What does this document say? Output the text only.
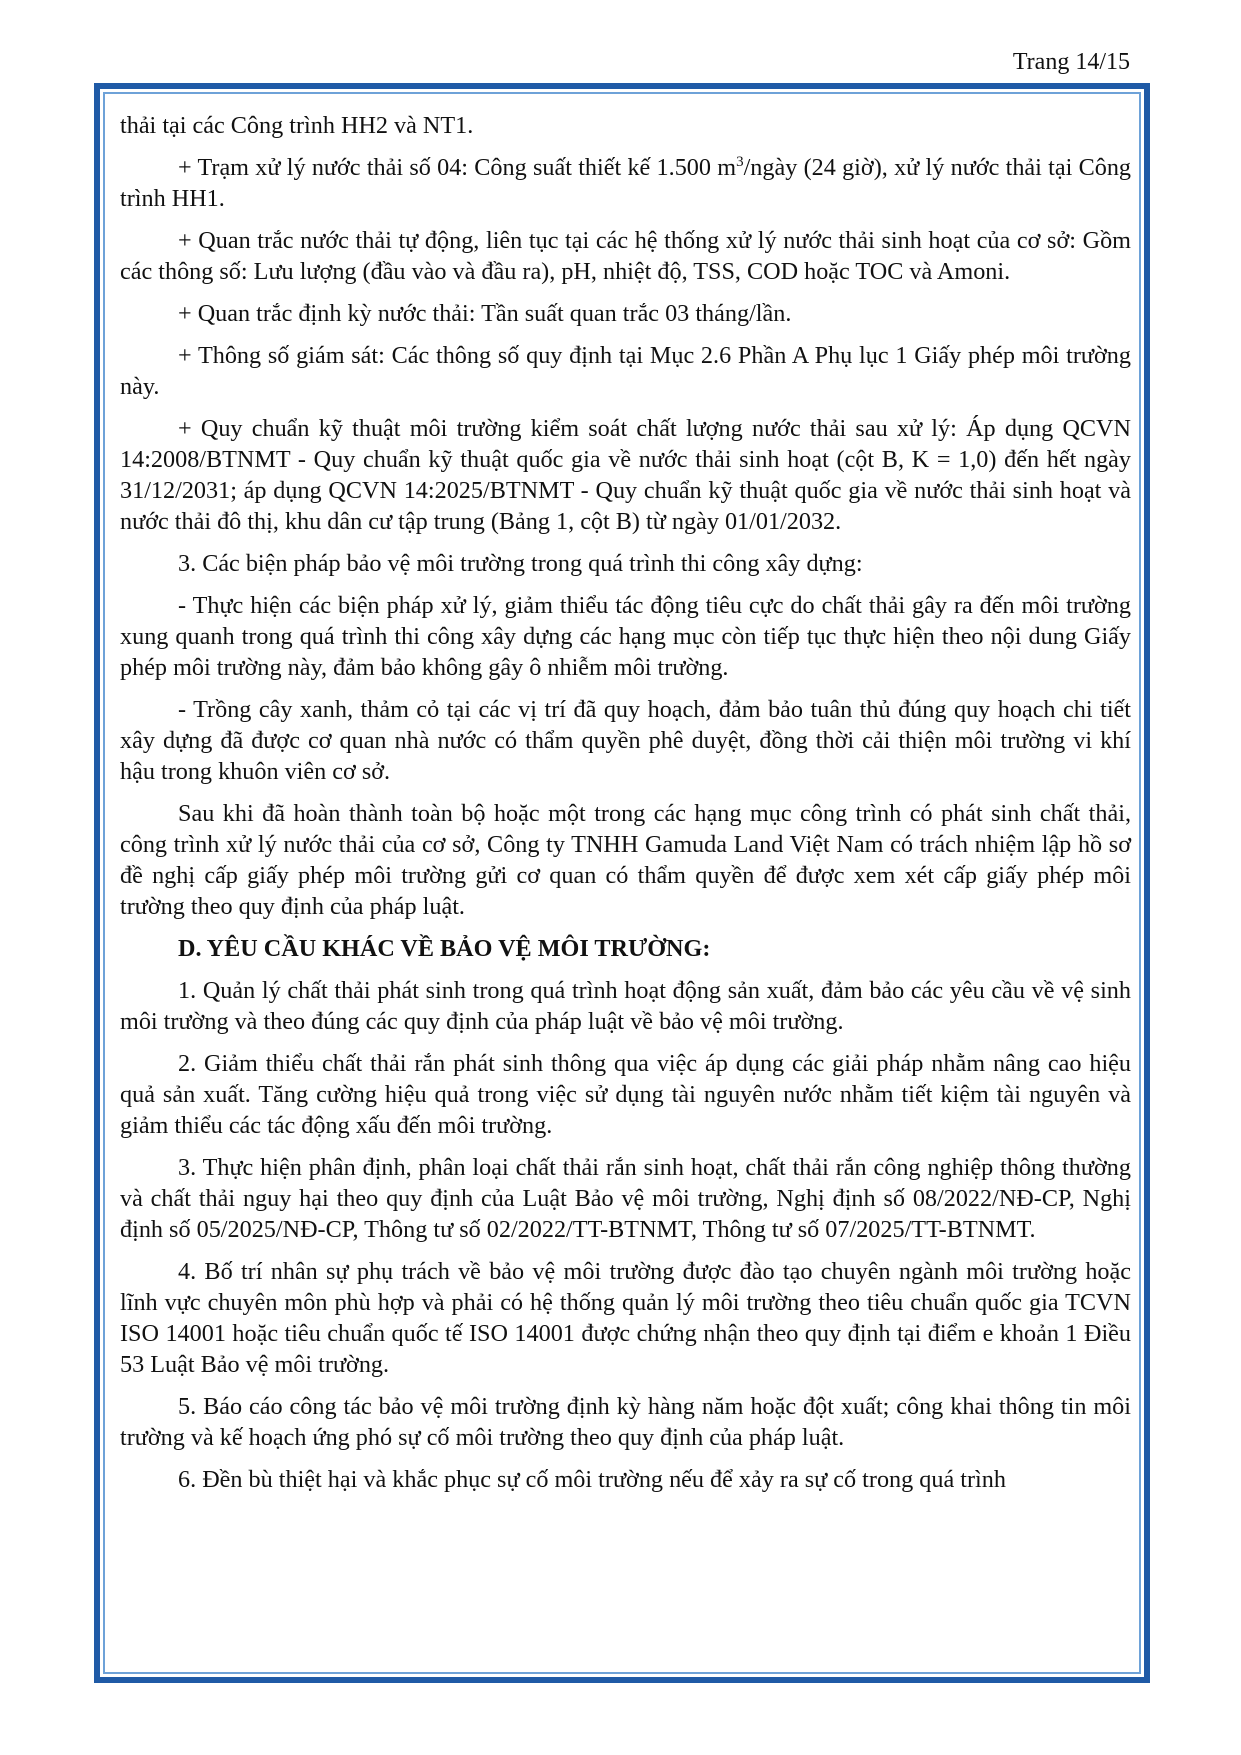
Trang 14/15

thải tại các Công trình HH2 và NT1.

+ Trạm xử lý nước thải số 04: Công suất thiết kế 1.500 $m^3$/ngày (24 giờ), xử lý nước thải tại Công trình HH1.

+ Quan trắc nước thải tự động, liên tục tại các hệ thống xử lý nước thải sinh hoạt của cơ sở: Gồm các thông số: Lưu lượng (đầu vào và đầu ra), pH, nhiệt độ, TSS, COD hoặc TOC và Amoni.

+ Quan trắc định kỳ nước thải: Tần suất quan trắc 03 tháng/lần.

+ Thông số giám sát: Các thông số quy định tại Mục 2.6 Phần A Phụ lục 1 Giấy phép môi trường này.

+ Quy chuẩn kỹ thuật môi trường kiểm soát chất lượng nước thải sau xử lý: Áp dụng QCVN 14:2008/BTNMT - Quy chuẩn kỹ thuật quốc gia về nước thải sinh hoạt (cột B, K = 1,0) đến hết ngày 31/12/2031; áp dụng QCVN 14:2025/BTNMT - Quy chuẩn kỹ thuật quốc gia về nước thải sinh hoạt và nước thải đô thị, khu dân cư tập trung (Bảng 1, cột B) từ ngày 01/01/2032.

3. Các biện pháp bảo vệ môi trường trong quá trình thi công xây dựng:

- Thực hiện các biện pháp xử lý, giảm thiểu tác động tiêu cực do chất thải gây ra đến môi trường xung quanh trong quá trình thi công xây dựng các hạng mục còn tiếp tục thực hiện theo nội dung Giấy phép môi trường này, đảm bảo không gây ô nhiễm môi trường.

- Trồng cây xanh, thảm cỏ tại các vị trí đã quy hoạch, đảm bảo tuân thủ đúng quy hoạch chi tiết xây dựng đã được cơ quan nhà nước có thẩm quyền phê duyệt, đồng thời cải thiện môi trường vi khí hậu trong khuôn viên cơ sở.

Sau khi đã hoàn thành toàn bộ hoặc một trong các hạng mục công trình có phát sinh chất thải, công trình xử lý nước thải của cơ sở, Công ty TNHH Gamuda Land Việt Nam có trách nhiệm lập hồ sơ đề nghị cấp giấy phép môi trường gửi cơ quan có thẩm quyền để được xem xét cấp giấy phép môi trường theo quy định của pháp luật.

D. YÊU CẦU KHÁC VỀ BẢO VỆ MÔI TRƯỜNG:

1. Quản lý chất thải phát sinh trong quá trình hoạt động sản xuất, đảm bảo các yêu cầu về vệ sinh môi trường và theo đúng các quy định của pháp luật về bảo vệ môi trường.

2. Giảm thiểu chất thải rắn phát sinh thông qua việc áp dụng các giải pháp nhằm nâng cao hiệu quả sản xuất. Tăng cường hiệu quả trong việc sử dụng tài nguyên nước nhằm tiết kiệm tài nguyên và giảm thiểu các tác động xấu đến môi trường.

3. Thực hiện phân định, phân loại chất thải rắn sinh hoạt, chất thải rắn công nghiệp thông thường và chất thải nguy hại theo quy định của Luật Bảo vệ môi trường, Nghị định số 08/2022/NĐ-CP, Nghị định số 05/2025/NĐ-CP, Thông tư số 02/2022/TT-BTNMT, Thông tư số 07/2025/TT-BTNMT.

4. Bố trí nhân sự phụ trách về bảo vệ môi trường được đào tạo chuyên ngành môi trường hoặc lĩnh vực chuyên môn phù hợp và phải có hệ thống quản lý môi trường theo tiêu chuẩn quốc gia TCVN ISO 14001 hoặc tiêu chuẩn quốc tế ISO 14001 được chứng nhận theo quy định tại điểm e khoản 1 Điều 53 Luật Bảo vệ môi trường.

5. Báo cáo công tác bảo vệ môi trường định kỳ hàng năm hoặc đột xuất; công khai thông tin môi trường và kế hoạch ứng phó sự cố môi trường theo quy định của pháp luật.

6. Đền bù thiệt hại và khắc phục sự cố môi trường nếu để xảy ra sự cố trong quá trình
